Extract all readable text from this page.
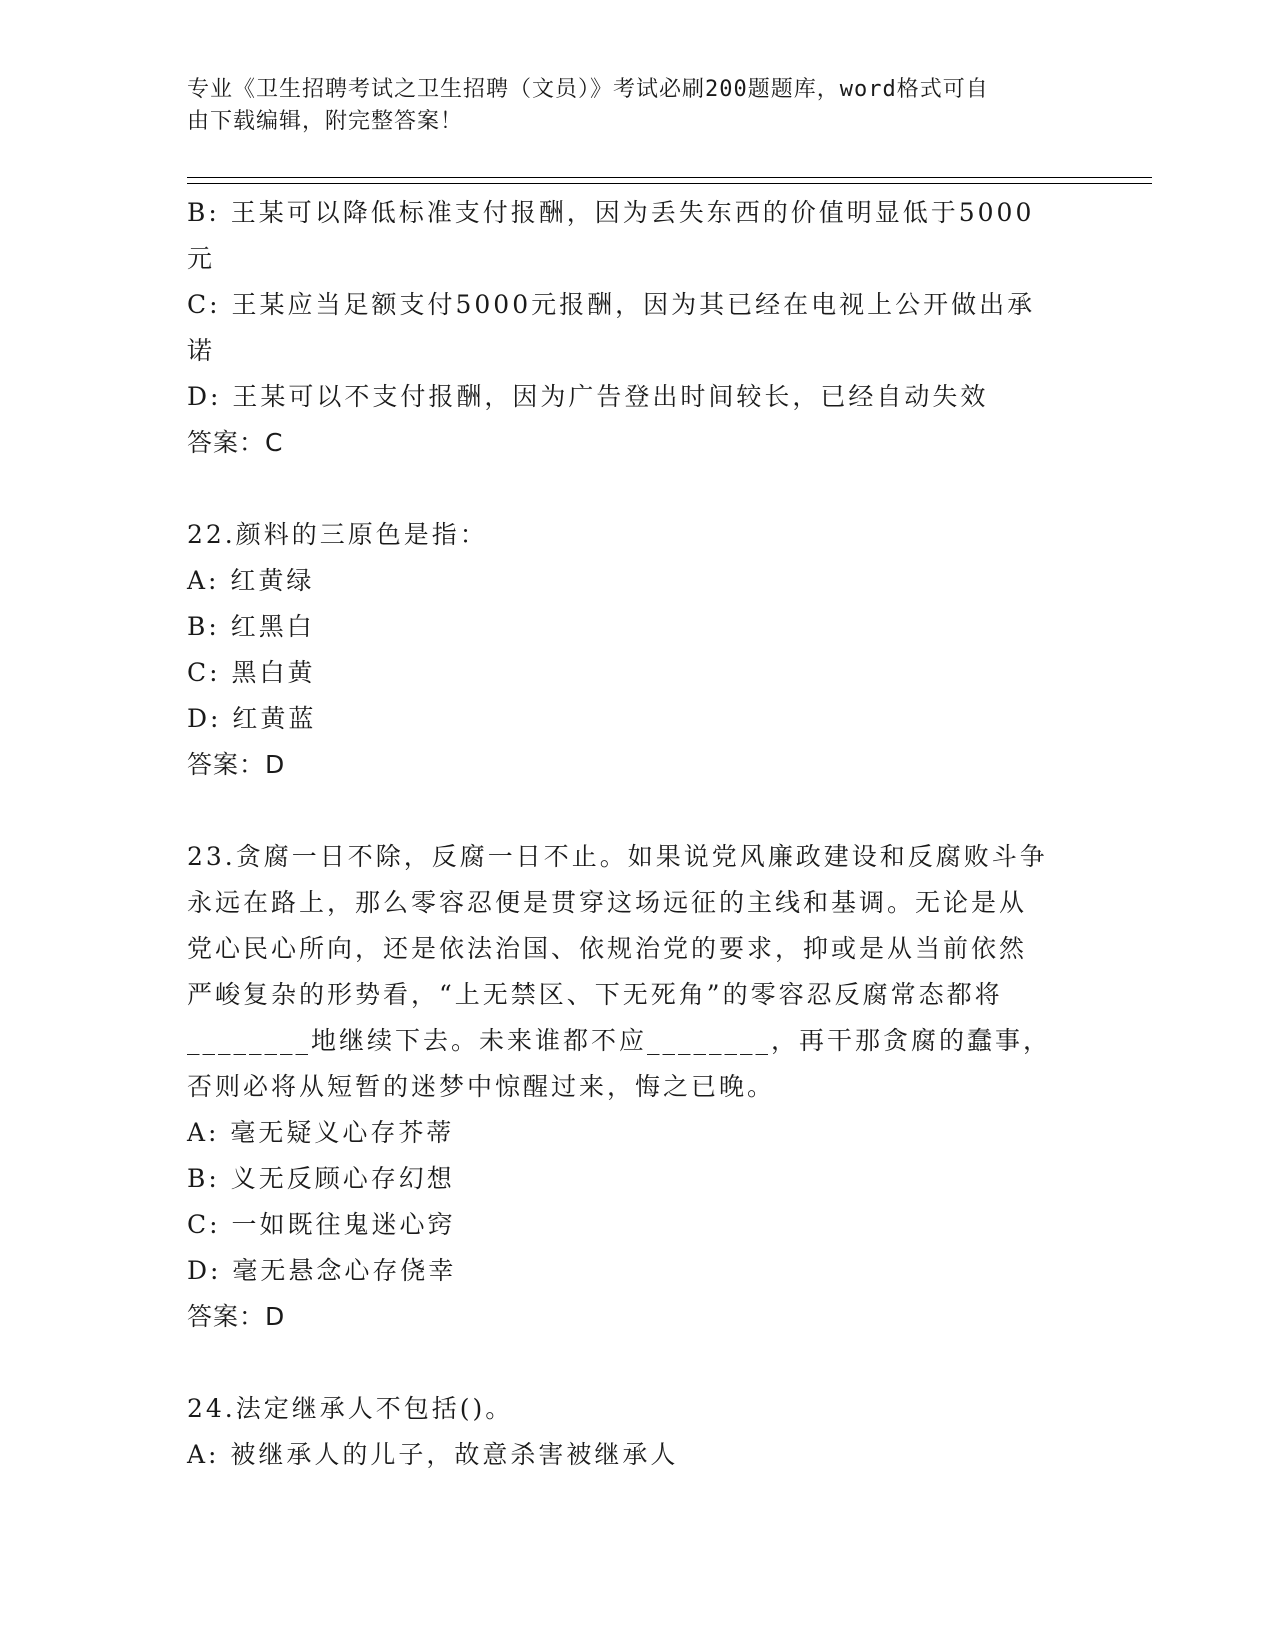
专业《卫生招聘考试之卫生招聘（文员）》考试必刷200题题库，word格式可自
由下载编辑，附完整答案！
B: 王某可以降低标准支付报酬，因为丢失东西的价值明显低于5000
元
C: 王某应当足额支付5000元报酬，因为其已经在电视上公开做出承
诺
D: 王某可以不支付报酬，因为广告登出时间较长，已经自动失效
答案：C
22.颜料的三原色是指：
A: 红黄绿
B: 红黑白
C: 黑白黄
D: 红黄蓝
答案：D
23.贪腐一日不除，反腐一日不止。如果说党风廉政建设和反腐败斗争
永远在路上，那么零容忍便是贯穿这场远征的主线和基调。无论是从
党心民心所向，还是依法治国、依规治党的要求，抑或是从当前依然
严峻复杂的形势看，“上无禁区、下无死角”的零容忍反腐常态都将
________地继续下去。未来谁都不应________，再干那贪腐的蠢事，
否则必将从短暂的迷梦中惊醒过来，悔之已晚。
A: 毫无疑义心存芥蒂
B: 义无反顾心存幻想
C: 一如既往鬼迷心窍
D: 毫无悬念心存侥幸
答案：D
24.法定继承人不包括()。
A: 被继承人的儿子，故意杀害被继承人
